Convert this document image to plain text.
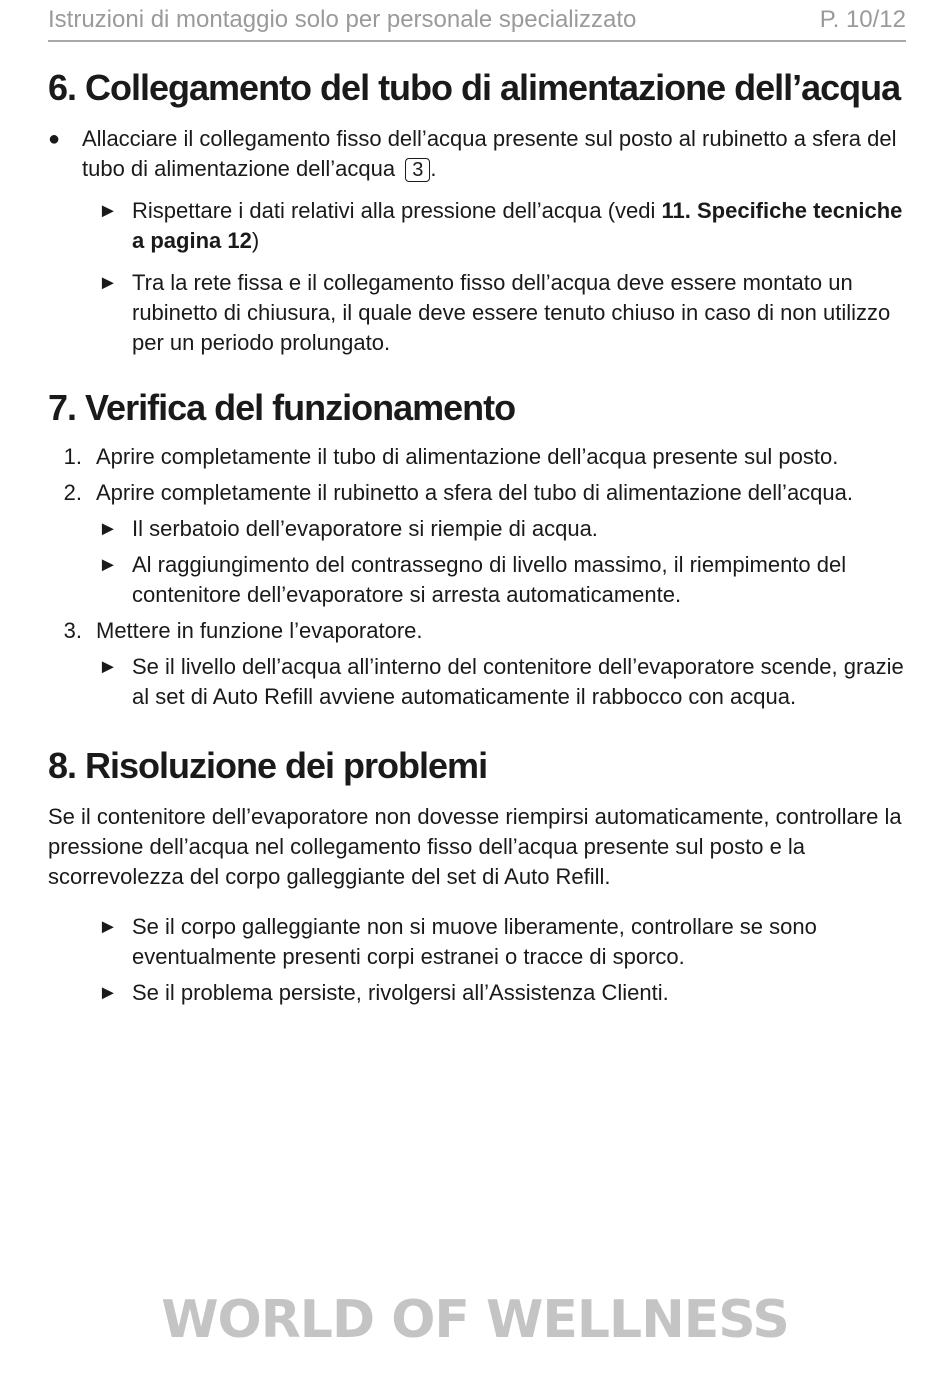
Istruzioni di montaggio solo per personale specializzato	P. 10/12
6. Collegamento del tubo di alimentazione dell’acqua
● Allacciare il collegamento fisso dell’acqua presente sul posto al rubinetto a sfera del tubo di alimentazione dell’acqua 3 .
► Rispettare i dati relativi alla pressione dell’acqua (vedi 11. Specifiche tecniche a pagina 12)
► Tra la rete fissa e il collegamento fisso dell’acqua deve essere montato un rubinetto di chiusura, il quale deve essere tenuto chiuso in caso di non utilizzo per un periodo prolungato.
7. Verifica del funzionamento
1. Aprire completamente il tubo di alimentazione dell’acqua presente sul posto.
2. Aprire completamente il rubinetto a sfera del tubo di alimentazione dell’acqua.
► Il serbatoio dell’evaporatore si riempie di acqua.
► Al raggiungimento del contrassegno di livello massimo, il riempimento del contenitore dell’evaporatore si arresta automaticamente.
3. Mettere in funzione l’evaporatore.
► Se il livello dell’acqua all’interno del contenitore dell’evaporatore scende, grazie al set di Auto Refill avviene automaticamente il rabbocco con acqua.
8. Risoluzione dei problemi

Se il contenitore dell’evaporatore non dovesse riempirsi automaticamente, controllare la pressione dell’acqua nel collegamento fisso dell’acqua presente sul posto e la scorrevolezza del corpo galleggiante del set di Auto Refill.

► Se il corpo galleggiante non si muove liberamente, controllare se sono eventualmente presenti corpi estranei o tracce di sporco.
► Se il problema persiste, rivolgersi all’Assistenza Clienti.
WORLD OF WELLNESS
